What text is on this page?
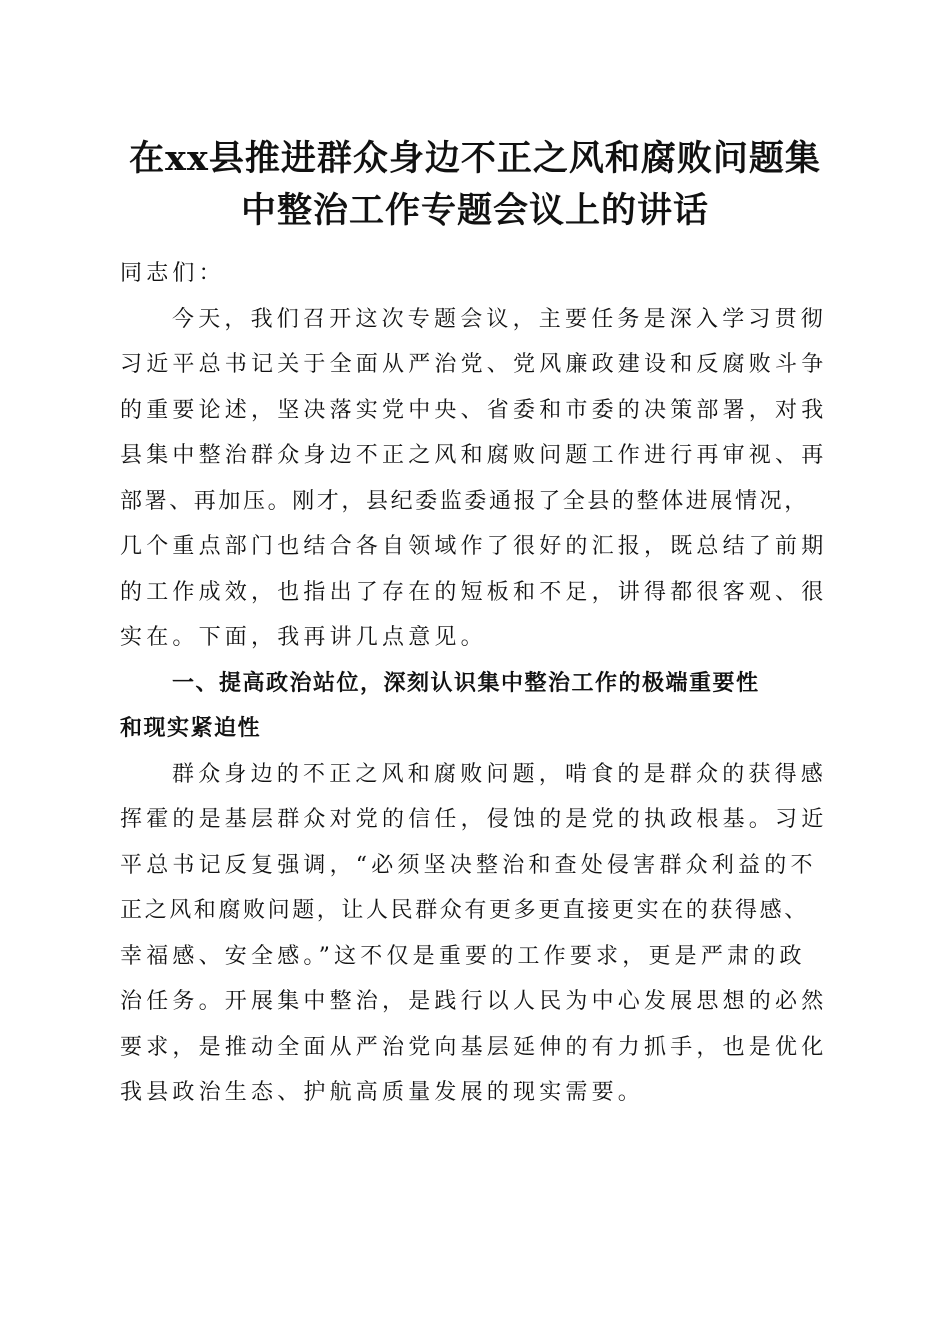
在xx县推进群众身边不正之风和腐败问题集
中整治工作专题会议上的讲话
同志们：
今天，我们召开这次专题会议，主要任务是深入学习贯彻
习近平总书记关于全面从严治党、党风廉政建设和反腐败斗争
的重要论述，坚决落实党中央、省委和市委的决策部署，对我
县集中整治群众身边不正之风和腐败问题工作进行再审视、再
部署、再加压。刚才，县纪委监委通报了全县的整体进展情况，
几个重点部门也结合各自领域作了很好的汇报，既总结了前期
的工作成效，也指出了存在的短板和不足，讲得都很客观、很
实在。下面，我再讲几点意见。
一、提高政治站位，深刻认识集中整治工作的极端重要性
和现实紧迫性
群众身边的不正之风和腐败问题，啃食的是群众的获得感
挥霍的是基层群众对党的信任，侵蚀的是党的执政根基。习近
平总书记反复强调，“必须坚决整治和查处侵害群众利益的不
正之风和腐败问题，让人民群众有更多更直接更实在的获得感、
幸福感、安全感。”这不仅是重要的工作要求，更是严肃的政
治任务。开展集中整治，是践行以人民为中心发展思想的必然
要求，是推动全面从严治党向基层延伸的有力抓手，也是优化
我县政治生态、护航高质量发展的现实需要。
